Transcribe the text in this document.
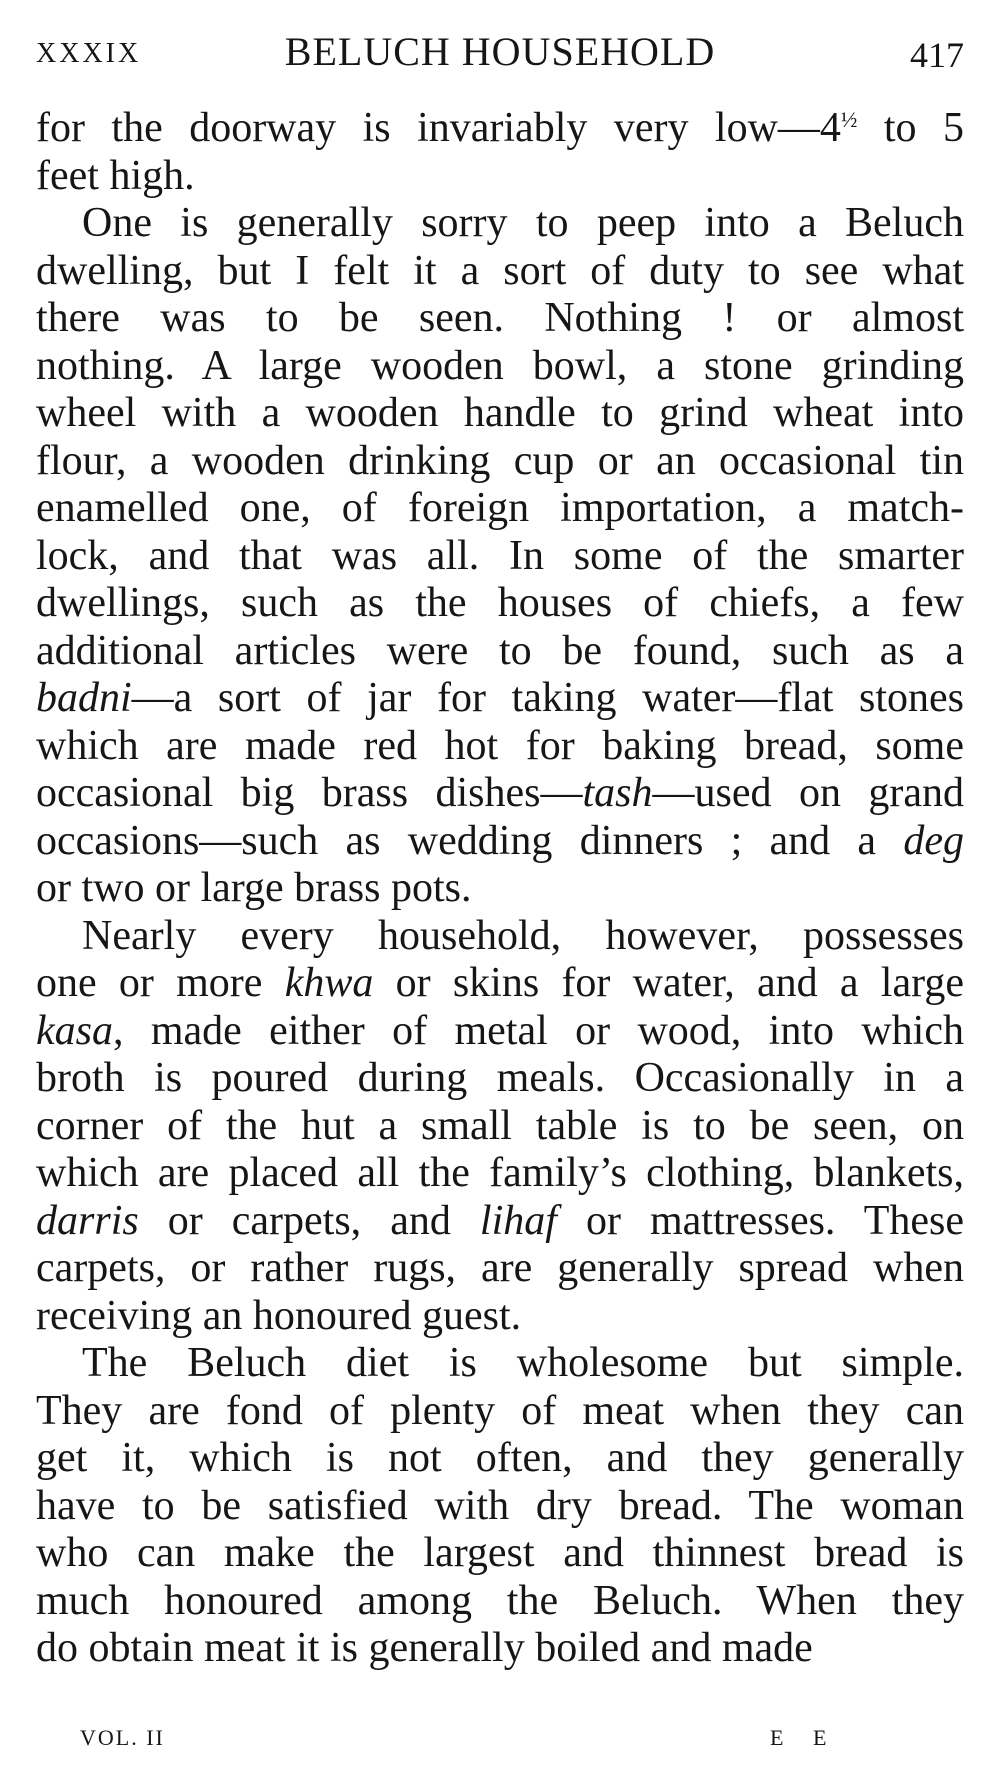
XXXIX	BELUCH HOUSEHOLD	417
for the doorway is invariably very $low—4^{\frac{1}{2}}$ to 5
feet high.
One is generally sorry to peep into a Beluch
dwelling, but I felt it a sort of duty to see what
there was to be seen. Nothing ! or almost
nothing. A large wooden bowl, a stone grinding
wheel with a wooden handle to grind wheat into
flour, a wooden drinking cup or an occasional tin
enamelled one, of foreign importation, a match-
lock, and that was all. In some of the smarter
dwellings, such as the houses of chiefs, a few
additional articles were to be found, such as a
badni—a sort of jar for taking water—flat stones
which are made red hot for baking bread, some
occasional big brass dishes—tash—used on grand
occasions—such as wedding dinners ; and a deg
or two or large brass pots.
Nearly every household, however, possesses
one or more khwa or skins for water, and a large
kasa, made either of metal or wood, into which
broth is poured during meals. Occasionally in a
corner of the hut a small table is to be seen, on
which are placed all the family’s clothing, blankets,
darris or carpets, and lihaf or mattresses. These
carpets, or rather rugs, are generally spread when
receiving an honoured guest.
The Beluch diet is wholesome but simple.
They are fond of plenty of meat when they can
get it, which is not often, and they generally
have to be satisfied with dry bread. The woman
who can make the largest and thinnest bread is
much honoured among the Beluch. When they
do obtain meat it is generally boiled and made
VOL. II	E E
